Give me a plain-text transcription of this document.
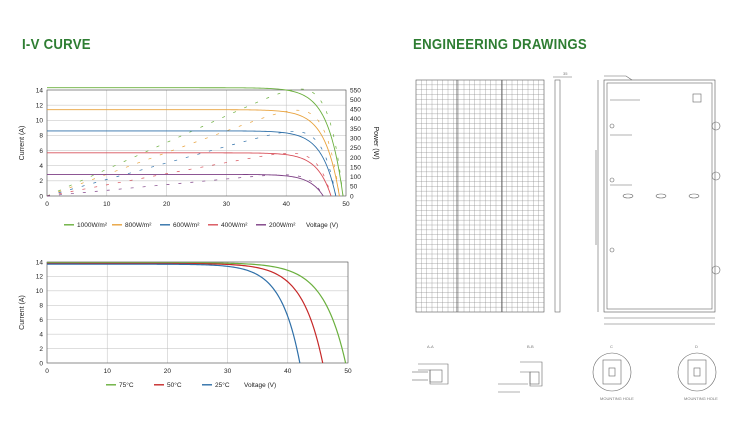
I-V CURVE	ENGINEERING DRAWINGS
0	10	20	30	40	50
0
2
4
6
8
10
12
14
Current (A)
0
50
100
150
200
250
300
350
400
450
500
550
Power (W)
1000W/m²	800W/m²	600W/m²	400W/m²	200W/m² Voltage (V)
0	10	20	30	40	50
0
2
4
6
8
10
12
14
Current (A)
75°C	50°C	25°C Voltage (V)
35
A-A	B-B	C
MOUNTING HOLE
D
MOUNTING HOLE
